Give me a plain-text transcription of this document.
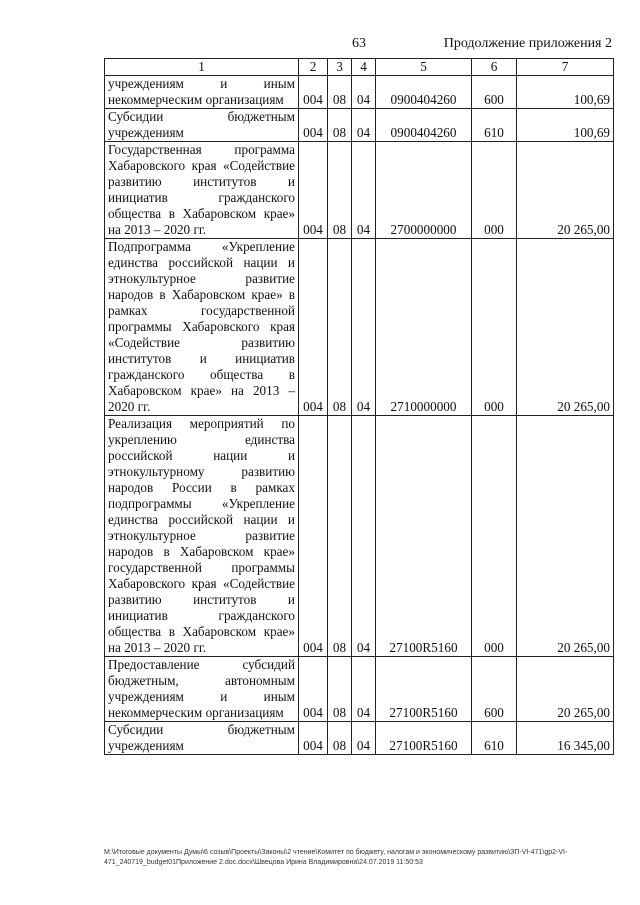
63	Продолжение приложения 2
1	2	3	4	5	6	7
учреждениям и иным некоммерческим организациям	004	08	04	0900404260	600	100,69
Субсидии бюджетным учреждениям	004	08	04	0900404260	610	100,69
Государственная программа Хабаровского края «Содействие развитию институтов и инициатив гражданского общества в Хабаровском крае» на 2013 – 2020 гг.	004	08	04	2700000000	000	20 265,00
Подпрограмма «Укрепление единства российской нации и этнокультурное развитие народов в Хабаровском крае» в рамках государственной программы Хабаровского края «Содействие развитию институтов и инициатив гражданского общества в Хабаровском крае» на 2013 – 2020 гг.	004	08	04	2710000000	000	20 265,00
Реализация мероприятий по укреплению единства российской нации и этнокультурному развитию народов России в рамках подпрограммы «Укрепление единства российской нации и этнокультурное развитие народов в Хабаровском крае» государственной программы Хабаровского края «Содействие развитию институтов и инициатив гражданского общества в Хабаровском крае» на 2013 – 2020 гг.	004	08	04	27100R5160	000	20 265,00
Предоставление субсидий бюджетным, автономным учреждениям и иным некоммерческим организациям	004	08	04	27100R5160	600	20 265,00
Субсидии бюджетным учреждениям	004	08	04	27100R5160	610	16 345,00
M:\Итоговые документы Думы\6 созыв\Проекты\Законы\2 чтение\Комитет по бюджету, налогам и экономическому развитию\ЗП-VI-471\gp2-VI-471_240719_budget01Приложение 2.doc.docx\Швецова Ирина Владимировна\24.07.2019 11:50:53
